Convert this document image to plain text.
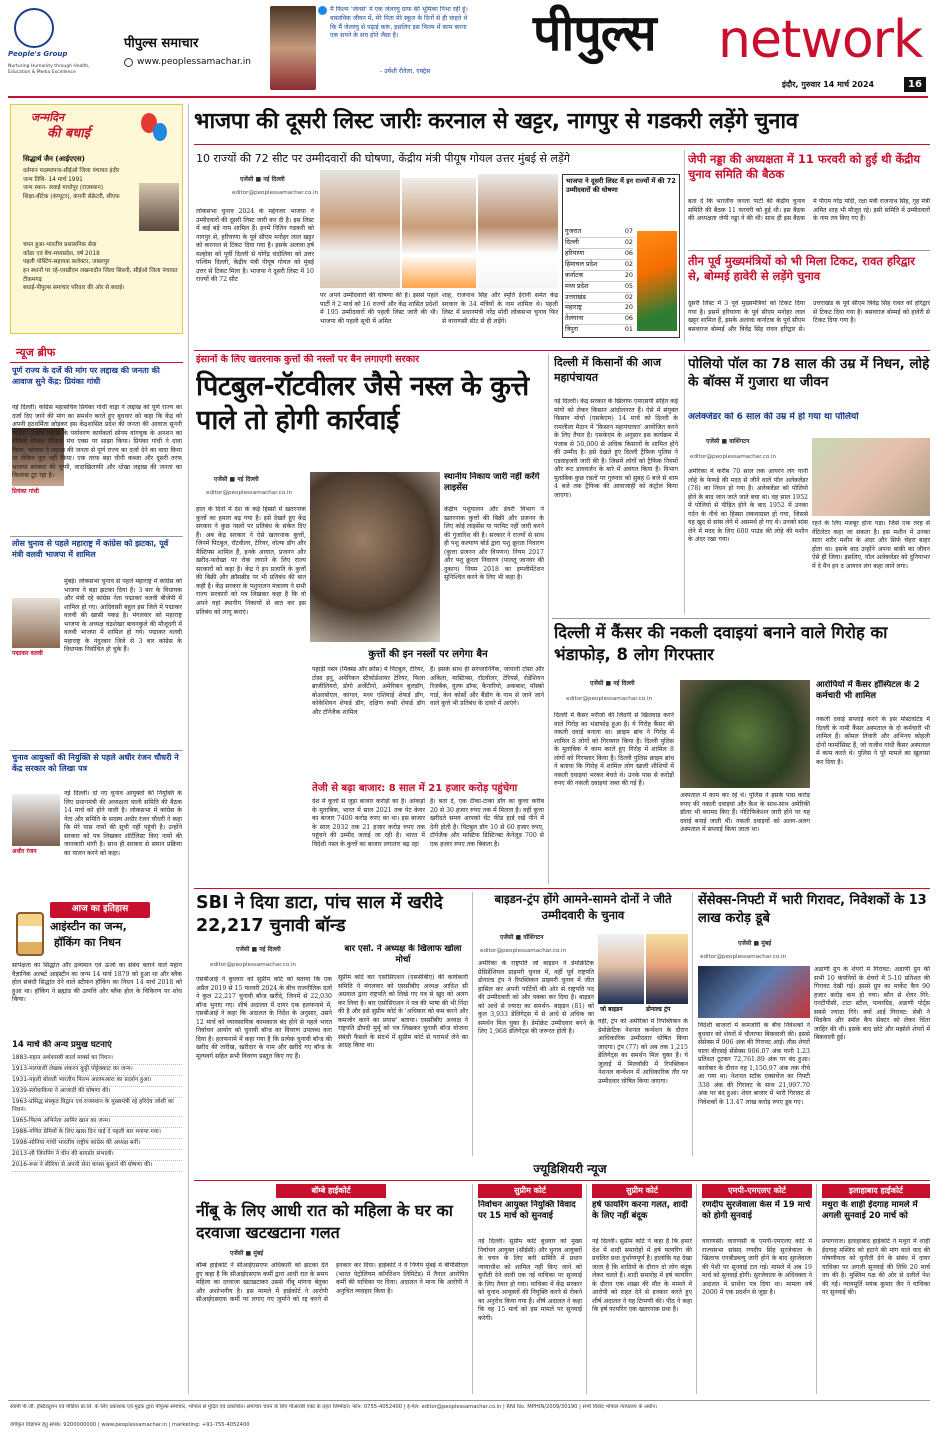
People's Group
Nurturing Humanity through Health, Education & Media Excellence
पीपुल्स समाचार
www.peoplessamachar.in
मैं फिल्म 'जेलर्स' में एक जेलरघु ग्राफ की भूमिका निभा रही हूं। वास्तविक जीवन में, मेरे पिता मेरे स्कूल के दिनों से ही चाहते थे कि मैं जेलरघु से पढ़ाई करूं, इसलिए इस फिल्म में काम करना एक सपने के सच होने जैसा है।
- उर्वशी रौतेला, एक्ट्रेस
पीपुल्स network
इंदौर, गुरुवार 14 मार्च 2024	16
जन्मदिन
की बधाई
सिद्धार्थ जैन (आईएएस)
वर्तमान पदस्थापना-सीईओ जिला पंचायत इंदौर
जन्म तिथि- 14 मार्च 1991
जन्म स्थान- सवाई माधोपुर (राजस्थान)
शिक्षा-बीटेक (कंप्यूटर), कंपनी सेक्रेटरी, सीएफ
चयन हुआ-भारतीय प्रशासनिक सेवा
कॉडर एवं बैच-मध्यप्रदेश, वर्ष 2018
पहली पोस्टिंग-सहायक कलेक्टर, जबलपुर
इन स्थानों पर रहे-एसडीएम लखनादौन जिला सिवनी, सीईओ जिला पंचायत टीकमगढ़
बधाई-पीपुल्स समाचार परिवार की ओर से बधाई।
न्यूज ब्रीफ
पूर्ण राज्य के दर्जे की मांग पर लद्दाख की जनता की आवाज सुने केंद्र: प्रियंका गांधी
प्रियंका गांधी
नई दिल्ली। कांग्रेस महासचिव प्रियंका गांधी वाड्रा ने लद्दाख को पूर्ण राज्य का दर्जा दिए जाने की मांग का समर्थन करते हुए बुधवार को कहा कि केंद्र को अपनी हठधर्मिता छोड़कर इस केंद्रशासित प्रदेश की जनता की आवाज सुननी चाहिए। उन्होंने लद्दाख के पर्यावरण कार्यकर्ता सोनम वांगचुक के अनशन का वीडियो सोशल मीडिया मंच एक्स पर साझा किया। प्रियंका गांधी ने दावा किया, भाजपा ने लद्दाख की जनता से पूर्ण राज्य का दर्जा देने का वादा किया था लेकिन पूरा नहीं किया। एक तरफ बड़ा चीनी कब्जा और दूसरी तरफ भाजपा सरकार की चुप्पी, वादाखिलाफी और धोखा लद्दाख की जनता का विश्वास टूट रहा है।
लोस चुनाव से पहले महाराष्ट्र में कांग्रेस को झटका, पूर्व मंत्री वलवी भाजपा में शामिल
पद्माकर वलवी
मुंबई। लोकसभा चुनाव से पहले महाराष्ट्र में कांग्रेस को भाजपा ने बड़ा झटका दिया है। 3 बार के विधायक और मंत्री रहे कांग्रेस नेता पद्माकर वलवी बीजेपी में शामिल हो गए। आदिवासी बहुल इस जिले में पद्माकर वलवी की खासी पकड़ है। मंगलवार को महाराष्ट्र भाजपा के अध्यक्ष चंद्रशेखर बावनकुले की मौजूदगी में वलवी भाजपा में शामिल हो गये। पद्माकर वलवी महाराष्ट्र के नंदुरबार जिले से 3 बार कांग्रेस के विधायक निर्वाचित हो चुके हैं।
चुनाव आयुक्तों की नियुक्ति से पहले अधीर रंजन चौधरी ने केंद्र सरकार को लिखा पत्र
अधीर रंजन
नई दिल्ली। दो नए चुनाव आयुक्तों की नियुक्ति के लिए प्रधानमंत्री की अध्यक्षता वाली समिति की बैठक 14 मार्च को होने वाली है। लोकसभा में कांग्रेस के नेता और समिति के सदस्य अधीर रंजन चौधरी ने कहा कि मेरे पास नामों की सूची नहीं पहुंची है। उन्होंने सरकार को पत्र लिखकर शॉर्टलिस्ट किए नामों की जानकारी मांगी है। साथ ही सरकार से समान प्रक्रिया का पालन करने को कहा।
आज का इतिहास
आइंस्टीन का जन्म,
हॉकिंग का निधन
सापेक्षता का सिद्धांत और द्रव्यमान एवं ऊर्जा का संबंध बताने वाले महान वैज्ञानिक अल्बर्ट आइंस्टीन का जन्म 14 मार्च 1879 को हुआ था और ब्लैक होल संबंधी सिद्धांत देने वाले स्टीफन हॉकिंग का निधन 14 मार्च 2018 को हुआ था। हॉकिंग ने ब्रह्मांड की उत्पत्ति और ब्लैक होल के विकिरण पर शोध किया।
14 मार्च की अन्य प्रमुख घटनाएं
1883-महान अर्थशास्त्री कार्ल मार्क्स का निधन।
1913-मलयाली लेखक शंकरन कुट्टी पोट्टेक्काट का जन्म।
1931-पहली बोलती भारतीय फिल्म आलमआरा का प्रदर्शन हुआ।
1939-स्लोवाकिया ने आजादी की घोषणा की।
1963-प्रसिद्ध संस्कृत विद्वान एवं राजस्थान के मुख्यमंत्री रहे हरिदेव जोशी का निधन।
1965-फिल्म अभिनेता आमिर खान का जन्म।
1988-गणित प्रेमियों के लिए खास दिन पाई दे पहली बार मनाया गया।
1998-सोनिया गांधी भारतीय राष्ट्रीय कांग्रेस की अध्यक्ष बनीं।
2013-शी जिनपिंग ने चीन की बागडोर संभाली।
2016-रूस ने सीरिया से अपनी सेना वापस बुलाने की घोषणा की।
भाजपा की दूसरी लिस्ट जारीः करनाल से खट्टर, नागपुर से गडकरी लड़ेंगे चुनाव
10 राज्यों की 72 सीट पर उम्मीदवारों की घोषणा, केंद्रीय मंत्री पीयूष गोयल उत्तर मुंबई से लड़ेंगे
एजेंसी ■ नई दिल्ली
editor@peoplessamachar.co.in
लोकसभा चुनाव 2024 के मद्देनजर भाजपा ने उम्मीदवारों की दूसरी लिस्ट जारी कर दी है। इस लिस्ट में कई बड़े नाम शामिल हैं। इनमें नितिन गडकरी को नागपुर से, हरियाणा के पूर्व सीएम मनोहर लाल खट्टर को करनाल से टिकट दिया गया है। इसके अलावा हर्ष मल्होत्रा को पूर्वी दिल्ली से योगेंद्र चंदोलिया को उत्तर पश्चिम दिल्ली, केंद्रीय मंत्री पीयूष गोयल को मुंबई उत्तर से टिकट मिला है। भाजपा ने दूसरी लिस्ट में 10 राज्यों की 72 सीट
पर अपने उम्मीदवारों की घोषणा की है। इससे पहले पार्टी ने 2 मार्च को 16 राज्यों और केंद्र शासित प्रदेशों में 195 उम्मीदवारों की पहली लिस्ट जारी की थी। भाजपा की पहली सूची में अमित
शाह, राजनाथ सिंह और स्मृति ईरानी समेत केंद्र सरकार के 34 मंत्रियों के नाम शामिल थे। पहली लिस्ट में प्रधानमंत्री नरेंद्र मोदी लोकसभा चुनाव फिर से वाराणसी सीट से ही लड़ेंगे।
भाजपा ने दूसरी लिस्ट में इन राज्यों में की 72 उम्मीदवारों की घोषणा
गुजरात	07
दिल्ली	02
हरियाणा	06
हिमाचल प्रदेश	02
कर्नाटक	20
मध्य प्रदेश	05
उत्तराखंड	02
महाराष्ट्र	20
तेलंगाना	06
त्रिपुरा	01
जेपी नड्डा की अध्यक्षता में 11 फरवरी को हुई थी केंद्रीय चुनाव समिति की बैठक
बता दें कि भारतीय जनता पार्टी की केंद्रीय चुनाव समिति की बैठक 11 फरवरी को हुई थी। इस बैठक की अध्यक्षता जेपी नड्डा ने की थी। साथ ही इस बैठक में पीएम नरेंद्र मोदी, रक्षा मंत्री राजनाथ सिंह, गृह मंत्री अमित शाह भी मौजूद रहे। इसी समिति में उम्मीदवारों के नाम तय किए गए हैं।
तीन पूर्व मुख्यमंत्रियों को भी मिला टिकट, रावत हरिद्वार से, बोम्मई हावेरी से लड़ेंगे चुनाव
दूसरी लिस्ट में 3 पूर्व मुख्यमंत्रियों को टिकट दिया गया है। इसमें हरियाणा के पूर्व सीएम मनोहर लाल खट्टर शामिल हैं, इसके अलावा कर्नाटक के पूर्व सीएम बसवराज बोम्मई और त्रिवेंद्र सिंह रावत हरिद्वार से। उत्तराखंड के पूर्व सीएम त्रिवेंद्र सिंह रावत को हरिद्वार से टिकट दिया गया है। बसवराज बोम्मई को हावेरी से टिकट दिया गया है।
इंसानों के लिए खतरनाक कुत्तों की नस्लों पर बैन लगाएगी सरकार
पिटबुल-रॉटवीलर जैसे नस्ल के कुत्ते पाले तो होगी कार्रवाई
एजेंसी ■ नई दिल्ली
editor@peoplessamachar.co.in
हाल के दिनों में देश के कई हिस्सों में खतरनाक कुत्तों का हमला बढ़ गया है। इसे देखते हुए केंद्र सरकार ने कुछ नस्लों पर प्रतिबंध के संकेत दिए हैं। अब केंद्र सरकार ने ऐसे खतरनाक कुत्तों, जिनमें पिटबुल, रॉटवीलर, टेरियर, वोल्फ डॉग और मैस्टिफ्स शामिल हैं, इनके आयात, प्रजनन और खरीद-फरोख्त पर रोक लगाने के लिए राज्य सरकारों को कहा है। केंद्र ने इन प्रजाति के कुत्तों की बिक्री और क्रॉसब्रीड पर भी प्रतिबंध की बात कही है। केंद्र सरकार के पशुपालन मंत्रालय ने सभी राज्य सरकारों को पत्र लिखकर कहा है कि वो अपने यहां स्थानीय निकायों से बात कर इस प्रतिबंध को लागू कराएं।
स्थानीय निकाय जारी नहीं करेंगे लाइसेंस
केंद्रीय पशुपालन और डेयरी विभाग ने खतरनाक कुत्तों की बिक्री और प्रजनन के लिए कोई लाइसेंस या परमिट नहीं जारी करने की गुजारिश की है। सरकार ने राज्यों से साथ ही पशु कल्याण बोर्ड द्वारा पशु क्रूरता निवारण (कुत्ता प्रजनन और विपणन) नियम 2017 और पशु क्रूरता निवारण (पालतू जानवर की दुकान) नियम 2018 का इम्प्लीमेंटेशन सुनिश्चित करने के लिए भी कहा है।
कुत्तों की इन नस्लों पर लगेगा बैन
पहाड़ी नस्ल (मिक्स्ड और क्रॉस) में पिटबुल, टेरियर, टोसा इनु, अमेरिकन स्टैफोर्डशायर टेरियर, फिला ब्राजीलियरो, डोगो अर्जेंटीनो, अमेरिकन बुलडॉग, बोअरबोएल, कांगल, मध्य एशियाई शेफर्ड डॉग, कोकेशियन शेफर्ड डॉग, दक्षिण रूसी शेफर्ड डॉग और टॉर्नजैक शामिल
हैं। इसके साथ ही सरप्लानिनैक, जापानी टोसा और अकिता, मास्टिफ्स, रॉटवीलर, टेरियर्स, रोडेशियन रिजबैक, वुल्फ डॉग्स, कैनारियो, अकबाश, मॉस्को गार्ड, केन कोर्सो और बैंडॉग के नाम से जाने जाने वाले कुत्ते भी प्रतिबंध के दायरे में आएंगे।
तेजी से बढ़ा बाजार: 8 साल में 21 हजार करोड़ पहुंचेगा
देश में कुत्तों से जुड़ा बाजार करोड़ों का है। आंकड़ों के मुताबिक, भारत में साल 2021 तक पेट केयर का बाजार 7400 करोड़ रुपए का था। इस बाजार के साल 2032 तक 21 हजार करोड़ रुपए तक पहुंचने की उम्मीद जताई जा रही है। भारत में विदेशी नस्ल के कुत्तों का बाजार लगातार बढ़ रहा
है। बता दें, एक टीका-टाका डॉग का कुत्ता करीब 20 से 30 हजार रुपए तक में मिलता है। वहीं कुत्ता खरीदते समय आपको चेंट फीड हार्ड रखें पीने में देनी होती है। पिटबुल डॉग 10 से 60 हजार रुपए, टॉर्नजैक और मास्टिफ डिस्टिन्क्ट केनेलूड 700 से एक हजार रुपए तक बिकता है।
दिल्ली में किसानों की आज महापंचायत
नई दिल्ली। केंद्र सरकार के खिलाफ एमएसपी सहित कई मांगों को लेकर किसान आंदोलनरत हैं। ऐसे में संयुक्त किसान मोर्चा (एसकेएम) 14 मार्च को दिल्ली के रामलीला मैदान में 'किसान महापंचायत' आयोजित करने के लिए तैयार है। एसकेएम के अनुसार इस कार्यक्रम में पंजाब से 50,000 से अधिक किसानों के शामिल होने की उम्मीद है। इसे देखते हुए दिल्ली ट्रैफिक पुलिस ने एडवाइजरी जारी की है। जिसमें लोगों को ट्रैफिक नियमों और रूट डायवर्जन के बारे में अवगत किया है। विभाग मुताबिक कुछ रास्तों पर गुरुवार को सुबह 6 बजे से शाम 4 बजे तक ट्रैफिक की आवाजाही को कंट्रोल किया जाएगा।
पोलियो पॉल का 78 साल की उम्र में निधन, लोहे के बॉक्स में गुजारा था जीवन
अलेक्जेंडर को 6 साल की उम्र में हो गया था पोलियो
एजेंसी ■ वाशिंगटन
editor@peoplessamachar.co.in
अमेरिका में करीब 70 साल तक आयरन लंग यानी लोहे के फेफड़े की मदद से जीने वाले पॉल अलेक्जेंडर (78) का निधन हो गया है। अलेक्जेंडर को पोलियो होने के बाद जान जाते जाते बचा था। वह साल 1952 में पोलियो से पीड़ित होने के बाद 1952 में उनका गर्दन के नीचे का हिस्सा लकवाग्रस्त हो गया, जिससे वह खुद से सांस लेने में असमर्थ हो गए थे। उनको सांस लेने में मदद के लिए 600 पाउंड की लोहे की मशीन के अंदर रखा गया।
रहने के लिए मजबूर होना पड़ा। जिसे एक तरह से वेंटिलेटर कहा जा सकता है। इस मशीन में उनका सारा शरीर मशीन के अंदर और सिर्फ चेहरा बाहर होता था। इसके बाद उन्होंने अपना बाकी का जीवन ऐसे ही जिया। इसलिए, पॉल अलेक्जेंडर को दुनियाभर में दे मैन इन द आयरन लंग कहा जाने लगा।
दिल्ली में कैंसर की नकली दवाइयां बनाने वाले गिरोह का भंडाफोड़, 8 लोग गिरफ्तार
एजेंसी ■ नई दिल्ली
editor@peoplessamachar.co.in
दिल्ली में कैंसर मरीजों की जिंदगी से खिलवाड़ करने वाले गिरोह का भंडाफोड़ हुआ है। ये गिरोह कैंसर की नकली दवाई बनाता था। क्राइम ब्रांच ने गिरोह में शामिल 8 लोगों को गिरफ्तार किया है। दिल्ली पुलिस के मुताबिक ये काम करते हुए गिरोह में शामिल 8 लोगों को गिरफ्तार किया है। दिल्ली पुलिस क्राइम ब्रांच ने बताया कि गिरोह में शामिल लोग खाली शीशियों में नकली दवाइयां भरकर बेचते थे। उनके पास से करोड़ों रुपए की नकली दवाइयां जब्त की गई हैं।
अस्पताल में काम कर रहे थे। पुलिस ने इसके पास करोड़ रुपए की नकली दवाइयां और कैश के साथ-साथ अमेरिकी डॉलर भी बरामद किए हैं। नोटिफिकेशन जारी होने पर यह दवाई बनाई जाती थीं। नकली दवाइयों को अलग-अलग अस्पताल में सप्लाई किया जाता था।
आरोपियों में कैंसर हॉस्पिटल के 2 कर्मचारी भी शामिल
नकली दवाई सप्लाई करने के इस मोस्टवांटेड में दिल्ली के नामी कैंसर अस्पताल के दो कर्मचारी भी शामिल हैं। कोमल तिवारी और अभिनय कोहली दोनों फार्मासिस्ट हैं, जो राजीव गांधी कैंसर अस्पताल में काम करते थे। पुलिस ने पूरे मामले का खुलासा कर दिया है।
SBI ने दिया डाटा, पांच साल में खरीदे 22,217 चुनावी बॉन्ड
एजेंसी ■ नई दिल्ली
editor@peoplessamachar.co.in
एसबीआई ने बुधवार को सुप्रीम कोर्ट को बताया कि एक अप्रैल 2019 से 15 फरवरी 2024 के बीच राजनीतिक दलों ने कुल 22,217 चुनावी बॉन्ड खरीदे, जिनमें से 22,030 बॉन्ड भुनाए गए। शीर्ष अदालत में दायर एक हलफनामे में, एसबीआई ने कहा कि अदालत के निर्देश के अनुसार, उसने 12 मार्च को व्यावसायिक कामकाज बंद होने से पहले भारत निर्वाचन आयोग को चुनावी बॉन्ड का विवरण उपलब्ध करा दिया है। हलफनामे में कहा गया है कि प्रत्येक चुनावी बॉन्ड की खरीद की तारीख, खरीदार के नाम और खरीदे गए बॉन्ड के मूल्यवर्ग सहित सभी विवरण प्रस्तुत किए गए हैं।
बार एसो. ने अध्यक्ष के खिलाफ खोला मोर्चा
सुप्रीम कोर्ट बार एसोसिएशन (एससीबीए) की कार्यकारी समिति ने मंगलवार को एससीबीए अध्यक्ष आदिश सी अग्रवाल द्वारा राष्ट्रपति को लिखे गए पत्र से खुद को अलग कर लिया है। बार एसोसिएशन ने पत्र की भाषा की भी निंदा की है और इसे सुप्रीम कोर्ट के 'अधिकार को कम करने और कमजोर करने का प्रयास' बताया। एससीबीए अध्यक्ष ने राष्ट्रपति द्रौपदी मुर्मू को पत्र लिखकर चुनावी बॉन्ड योजना संबंधी फैसले के संदर्भ में सुप्रीम कोर्ट से परामर्श लेने का आग्रह किया था।
बाइडन-ट्रंप होंगे आमने-सामने दोनों ने जीते उम्मीदवारी के चुनाव
एजेंसी ■ वॉशिंगटन
editor@peoplessamachar.co.in
अमेरिका के राष्ट्रपति जो बाइडन ने डेमोक्रेटिक प्रेसिडेंशियल प्राइमरी चुनाव में, वहीं पूर्व राष्ट्रपति डोनाल्ड ट्रंप ने रिपब्लिकन प्राइमरी चुनाव में जीत हासिल कर अपनी पार्टियों की ओर से राष्ट्रपति पद की उम्मीदवारी को और पक्का कर दिया है। बाइडन को आधे से ज्यादा का समर्थन- बाइडन (81) को कुल 3,933 डेलिगेट्स में से आधे से अधिक का समर्थन मिल चुका है। डेमोक्रेट उम्मीदवार बनने के लिए 1,968 डेलिगेट्स की जरूरत होती है।
जो बाइडन	डोनाल्ड ट्रंप
वहीं, ट्रंप को अमेरिका में रिपब्लिकन के डेमोक्रेटिक नेशनल कन्वेंशन के दौरान आधिकारिक उम्मीदवार घोषित किया जाएगा। ट्रंप (77) को अब तक 1,215 डेलिगेट्स का समर्थन मिल चुका है। ये जुलाई में मिलवॉकी में रिपब्लिकन नेशनल कन्वेंशन में आधिकारिक तौर पर उम्मीदवार घोषित किया जाएगा।
सेंसेक्स-निफ्टी में भारी गिरावट, निवेशकों के 13 लाख करोड़ डूबे
एजेंसी ■ मुंबई
editor@peoplessamachar.co.in
विदेशी बाजारों में कमजोरी के बीच निवेशकों ने बुधवार को शेयरों में चौतरफा बिकवाली की। इससे सेंसेक्स में 906 अंक की गिरावट आई। तीस शेयरों वाला बीएसई सेंसेक्स 906.07 अंक यानी 1.23 प्रतिशत टूटकर 72,761.89 अंक पर बंद हुआ। कारोबार के दौरान यह 1,150.97 अंक तक नीचे आ गया था। नेशनल स्टॉक एक्सचेंज का निफ्टी 338 अंक की गिरावट के साथ 21,997.70 अंक पर बंद हुआ। शेयर बाजार में भारी गिरावट से निवेशकों के 13.47 लाख करोड़ रुपए डूब गए।
अडाणी ग्रुप के शेयरों में गिरावट: अडाणी ग्रुप की सभी 10 कंपनियों के शेयरों में 5-10 प्रतिशत की गिरावट देखी गई। इससे ग्रुप का मार्केट कैप 90 हजार करोड़ कम हो गया। कौन से शेयर गिरे: एनटीपीसी, टाटा स्टील, पावरग्रिड, अडाणी पोर्ट्स सबसे ज्यादा गिरे। क्यों आई गिरावट: सेबी ने मिडकैप और स्मॉल कैप सेक्टर को लेकर चिंता जाहिर की थी। इसके बाद छोटे और मझोले शेयरों में बिकवाली हुई।
ज्यूडिशियरी न्यूज
बॉम्बे हाईकोर्ट
नींबू के लिए आधी रात को महिला के घर का दरवाजा खटखटाना गलत
एजेंसी ■ मुंबई
बॉम्बे हाईकोर्ट ने सीआईएसएफ अधिकारी को झटका देते हुए कहा है कि सीआईएसएफ कर्मी द्वारा आधी रात के समय महिला का दरवाजा खटखटाकर उससे नींबू मांगना बेतुका और अशोभनीय है। इस मामले में हाईकोर्ट ने आरोपी सीआईएसएफ कर्मी पर लगाए गए जुर्माने को रद्द करने से इनकार कर दिया। हाईकोर्ट ने ये निर्णय मुंबई में बीपीसीएल (भारत पेट्रोलियम कॉर्पोरेशन लिमिटेड) में तैनात आरोपित कर्मी की याचिका पर दिया। अदालत ने माना कि आरोपी ने अनुचित व्यवहार किया है।
सुप्रीम कोर्ट
निर्वाचन आयुक्त नियुक्ति विवाद पर 15 मार्च को सुनवाई
नई दिल्ली। सुप्रीम कोर्ट बुधवार को मुख्य निर्वाचन आयुक्त (सीईसी) और चुनाव आयुक्तों के चयन के लिए बनी समिति में प्रधान न्यायाधीश को शामिल नहीं किए जाने को चुनौती देने वाली एक नई याचिका पर सुनवाई के लिए तैयार हो गया। याचिका में केंद्र सरकार को चुनाव आयुक्तों की नियुक्ति करने से रोकने का अनुरोध किया गया है। शीर्ष अदालत ने कहा कि वह 15 मार्च को इस मामले पर सुनवाई करेगी।
सुप्रीम कोर्ट
हर्ष फायरिंग करना गलत, शादी के लिए नहीं बंदूक
नई दिल्ली। सुप्रीम कोर्ट ने कहा है कि हमारे देश में शादी समारोहों में हर्ष फायरिंग की प्रचलित प्रथा दुर्भाग्यपूर्ण है। हालांकि यह देखा जाता है कि शादियों के दौरान दो लोग बंदूक लेकर चलते हैं। शादी समारोह में हर्ष फायरिंग के दौरान एक शख्स की मौत के मामले में आरोपी को राहत देने से इनकार करते हुए शीर्ष अदालत ने यह टिप्पणी की। पीठ ने कहा कि हर्ष फायरिंग एक खतरनाक प्रथा है।
एमपी-एमएलए कोर्ट
रणदीप सुरजेवाला केस में 19 मार्च को होगी सुनवाई
वाराणसी। वाराणसी के एमपी-एमएलए कोर्ट में राज्यसभा सांसद रणदीप सिंह सुरजेवाला के खिलाफ एनबीडब्ल्यू जारी होने के बाद सुरजेवाला की पेशी पर सुनवाई टल गई। मामले में अब 19 मार्च को सुनवाई होगी। सुरजेवाला के अधिवक्ता ने अदालत में प्रार्थना पत्र दिया था। मामला वर्ष 2000 में एक प्रदर्शन से जुड़ा है।
इलाहाबाद हाईकोर्ट
मथुरा के शाही ईदगाह मामले में अगली सुनवाई 20 मार्च को
प्रयागराज। इलाहाबाद हाईकोर्ट ने मथुरा में शाही ईदगाह मस्जिद को हटाने की मांग वाले वाद की पोषणीयता को चुनौती देने के संबंध में दायर याचिका पर अगली सुनवाई की तिथि 20 मार्च तय की है। मुस्लिम पक्ष की ओर से दलीलें पेश की गईं। न्यायमूर्ति मयंक कुमार जैन ने याचिका पर सुनवाई की।
स्वामी पी.जी. इंस्टिट्यूशन एवं मीडिया प्रा.लि. के लिए प्रकाशक एवं मुद्रक द्वारा पीपुल्स समाचार, भोपाल से मुद्रित एवं प्रकाशित। समाचार चयन के लिए पीआरबी एक्ट के तहत जिम्मेदार। फोन: 0755-4052400 | ई-मेल: editor@peoplessamachar.co.in | RNI No. MPHIN/2009/30190 | सभी विवाद भोपाल न्यायालय के अधीन।
वर्गीकृत विज्ञापन हेतु संपर्क: 9200000000 | www.peoplessamachar.in | marketing: +91-755-4052400
